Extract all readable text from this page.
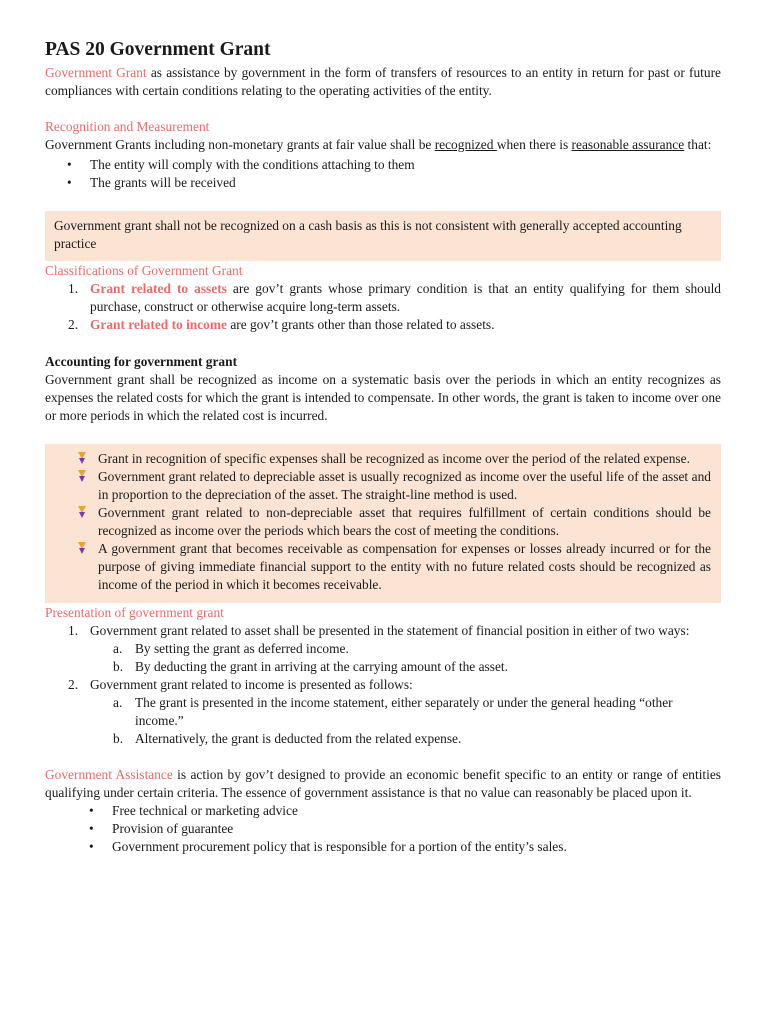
PAS 20 Government Grant

Government Grant as assistance by government in the form of transfers of resources to an entity in return for past or future compliances with certain conditions relating to the operating activities of the entity.

Recognition and Measurement

Government Grants including non-monetary grants at fair value shall be recognized when there is reasonable assurance that:

• The entity will comply with the conditions attaching to them
• The grants will be received
Government grant shall not be recognized on a cash basis as this is not consistent with generally accepted accounting practice
Classifications of Government Grant
1. Grant related to assets are gov’t grants whose primary condition is that an entity qualifying for them should purchase, construct or otherwise acquire long-term assets.
2. Grant related to income are gov’t grants other than those related to assets.
Accounting for government grant

Government grant shall be recognized as income on a systematic basis over the periods in which an entity recognizes as expenses the related costs for which the grant is intended to compensate. In other words, the grant is taken to income over one or more periods in which the related cost is incurred.

Grant in recognition of specific expenses shall be recognized as income over the period of the related expense.
Government grant related to depreciable asset is usually recognized as income over the useful life of the asset and in proportion to the depreciation of the asset. The straight-line method is used.
Government grant related to non-depreciable asset that requires fulfillment of certain conditions should be recognized as income over the periods which bears the cost of meeting the conditions.
A government grant that becomes receivable as compensation for expenses or losses already incurred or for the purpose of giving immediate financial support to the entity with no future related costs should be recognized as income of the period in which it becomes receivable.
Presentation of government grant
1. Government grant related to asset shall be presented in the statement of financial position in either of two ways:
a. By setting the grant as deferred income.
b. By deducting the grant in arriving at the carrying amount of the asset.
2. Government grant related to income is presented as follows:
a. The grant is presented in the income statement, either separately or under the general heading “other income.”
b. Alternatively, the grant is deducted from the related expense.

Government Assistance is action by gov’t designed to provide an economic benefit specific to an entity or range of entities qualifying under certain criteria. The essence of government assistance is that no value can reasonably be placed upon it.

• Free technical or marketing advice
• Provision of guarantee
• Government procurement policy that is responsible for a portion of the entity’s sales.
